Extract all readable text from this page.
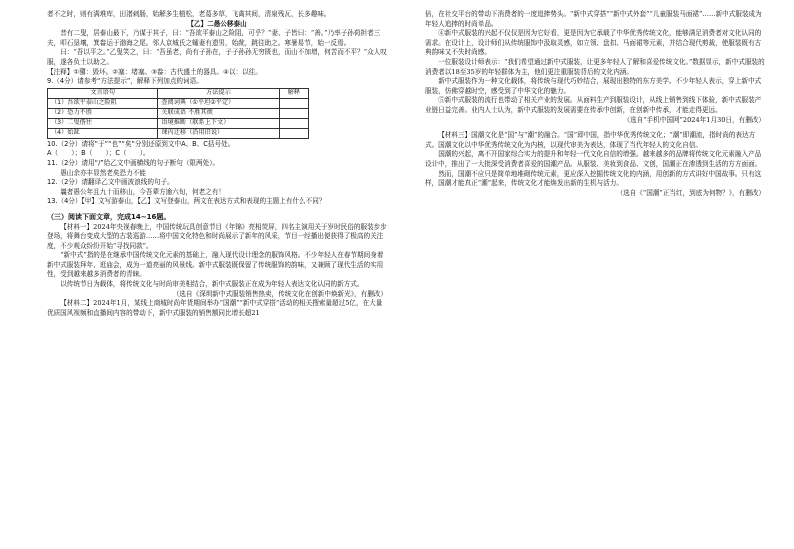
者不之时，则有满堆库，田渚刺肠，始解多生植松，老葛多草，飞禽其间，清泉残瓦，长多趣味。

【乙】二愚公移泰山

昔有二叟，居泰山最下，乃谋于其子，曰：“吾欲平泰山之险阻，可乎？”妻、子皆曰：“善。”乃率子孙荷担者三夫，叩石垦壤，箕畚运于渤海之尾。邻人京城氏之孀妻有遗男，始龀，跳往助之。寒暑易节，始一反焉。

曰：“吾以平之。”乙叟笑之，曰：“吾虽老，尚有子孙在，子子孙孙无穷匮也，而山不加增，何苦而不平？”众人叹服，遂各负土以助之。

【注释】①隳：毁坏。②塞：堵塞。③畚：古代盛土的器具。④以：以往。

9.（4分）请参考“方法提示”，解释下列加点的词语。

文言语句	方法提示	解释
（1）吾欲平泰山之险阻	查阅词典（①平坦②平定）	
（2）恐力不胜	关联成语 不胜其烦	
（3）二叟偕往	语境推断（联系上下文）	
（4）始龀	课内迁移（沿用旧说）	

10.（2分）请将“于”“也”“矣”分别还原到文中A、B、C括号处。

A（　　）；B（　　）；C（　　）。

11.（2分）请用“/”给乙文中画横线的句子断句（限两处）。

愚山余亦丰显然老矣恐力不能

12.（2分）请翻译乙文中画波浪线的句子。

曩者愚公年且九十而移山，今吾辈方逾六旬，何老之有！

13.（4分）【甲】文写游泰山，【乙】文写登泰山，两文在表达方式和表现的主题上有什么不同？

（三）阅读下面文章，完成14~16题。

【材料一】2024年央视春晚上，中国传统玩具创意节目《年锦》亮相荧屏，四名主演用关于岁时民俗的服装步步登场，将舞台变成大型的古装巡游……将中国文化特色和时尚展示了新年的风采，节目一经播出便获得了极高的关注度，不少观众纷纷开始“寻找同款”。

“新中式”指的是在继承中国传统文化元素的基础上，融入现代设计理念的服饰风格。不少年轻人在春节期间身着新中式服装拜年、逛庙会，成为一道亮丽的风景线。新中式服装既保留了传统服饰的韵味，又兼顾了现代生活的实用性，受到越来越多消费者的青睐。

以传统节日为载体，将传统文化与时尚审美相结合，新中式服装正在成为年轻人表达文化认同的新方式。

（选自《深圳新中式服装销售热卖，传统文化在创新中焕新光》，有删改）

【材料二】2024年1月，某线上商城时尚年货期间举办“国潮”“新中式穿搭”活动的相关搜索量超过5亿，在大量优质国风视频和直播间内容的带动下，新中式服装的销售额同比增长超21

倍，在社交平台的带动下消费者的一度追捧势头。“新中式穿搭”“新中式外套”“儿童服装马面裙”……新中式服装成为年轻人追捧的时尚单品。

④新中式服装的兴起不仅仅是因为它好看，更是因为它承载了中华优秀传统文化，能够满足消费者对文化认同的需求。在设计上，设计师们从传统服饰中汲取灵感，如立领、盘扣、马面裙等元素，并结合现代剪裁，使服装既有古典韵味又不失时尚感。

一位服装设计师表示：“我们希望通过新中式服装，让更多年轻人了解和喜爱传统文化。”数据显示，新中式服装的消费者以18至35岁的年轻群体为主，他们更注重服装背后的文化内涵。

新中式服装作为一种文化载体，将传统与现代巧妙结合，展现出独特的东方美学。不少年轻人表示，穿上新中式服装，仿佛穿越时空，感受到了中华文化的魅力。

⑤新中式服装的流行也带动了相关产业的发展。从面料生产到服装设计，从线上销售到线下体验，新中式服装产业链日益完善。业内人士认为，新中式服装的发展需要在传承中创新，在创新中传承，才能走得更远。

（选自“手机中国网”2024年1月30日，有删改）

【材料三】国潮文化是“国”与“潮”的融合。“国”即中国，指中华优秀传统文化；“潮”即潮流，指时尚的表达方式。国潮文化以中华优秀传统文化为内核，以现代审美为表达，体现了当代年轻人的文化自信。

国潮的兴起，离不开国家综合实力的提升和年轻一代文化自信的增强。越来越多的品牌将传统文化元素融入产品设计中，推出了一大批深受消费者喜爱的国潮产品。从服装、美妆到食品、文创，国潮正在渗透到生活的方方面面。

然而，国潮不应只是简单地堆砌传统元素，更应深入挖掘传统文化的内涵，用创新的方式讲好中国故事。只有这样，国潮才能真正“潮”起来，传统文化才能焕发出新的生机与活力。

（选自《“国潮”正当红，到底为何物？》，有删改）
